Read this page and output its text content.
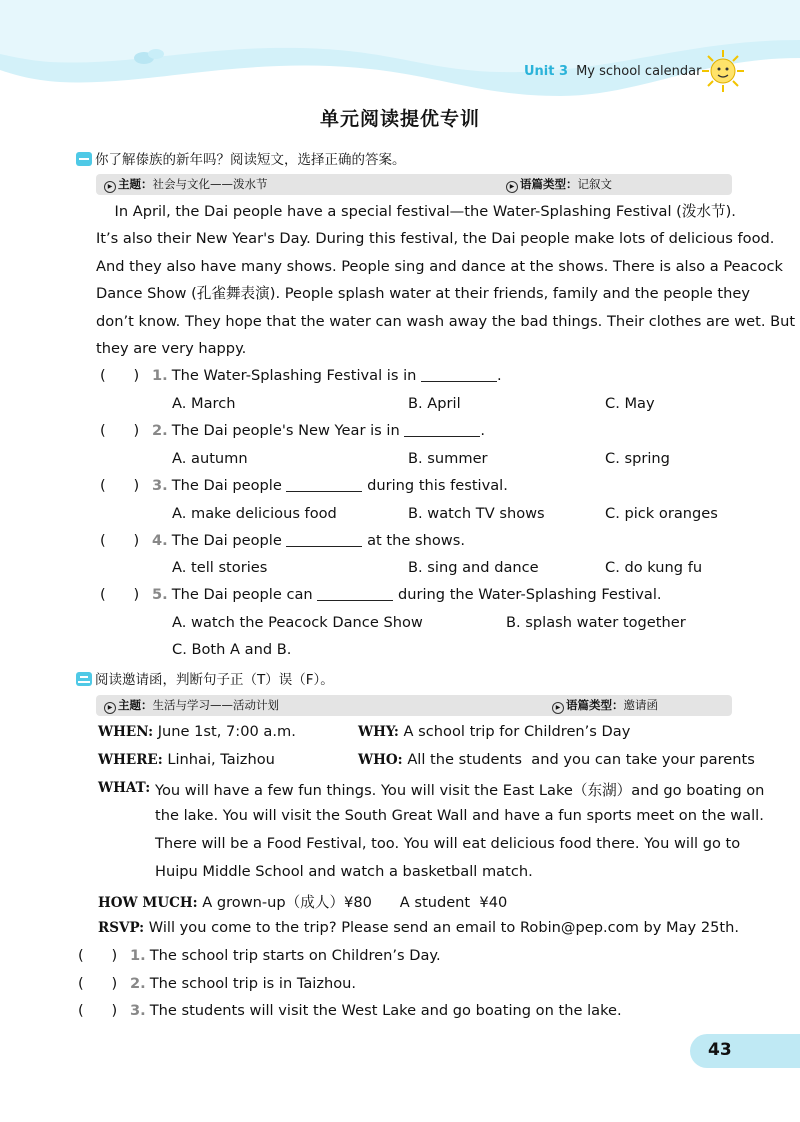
Unit 3 My school calendar
单元阅读提优专训
你了解傣族的新年吗？阅读短文，选择正确的答案。
▶ 主题：社会与文化——泼水节	▶ 语篇类型：记叙文
In April, the Dai people have a special festival—the Water-Splashing Festival (泼水节).
It’s also their New Year's Day. During this festival, the Dai people make lots of delicious food.
And they also have many shows. People sing and dance at the shows. There is also a Peacock
Dance Show (孔雀舞表演). People splash water at their friends, family and the people they
don’t know. They hope that the water can wash away the bad things. Their clothes are wet. But
they are very happy.
(      ) 1. The Water-Splashing Festival is in	.
A. March	B. April	C. May
(      ) 2. The Dai people's New Year is in	.
A. autumn	B. summer	C. spring
(      ) 3. The Dai people	during this festival.
A. make delicious food	B. watch TV shows	C. pick oranges
(      ) 4. The Dai people	at the shows.
A. tell stories	B. sing and dance	C. do kung fu
(      ) 5. The Dai people can	during the Water-Splashing Festival.
A. watch the Peacock Dance Show	B. splash water together
C. Both A and B.
阅读邀请函，判断句子正（T）误（F）。
▶ 主题：生活与学习——活动计划	▶ 语篇类型：邀请函
WHEN: June 1st, 7:00 a.m.	WHY: A school trip for Children’s Day
WHERE: Linhai, Taizhou	WHO: All the students  and you can take your parents
WHAT: You will have a few fun things. You will visit the East Lake（东湖）and go boating on
the lake. You will visit the South Great Wall and have a fun sports meet on the wall.
There will be a Food Festival, too. You will eat delicious food there. You will go to
Huipu Middle School and watch a basketball match.
HOW MUCH: A grown-up（成人）¥80      A student  ¥40
RSVP: Will you come to the trip? Please send an email to Robin@pep.com by May 25th.
(      ) 1. The school trip starts on Children’s Day.
(      ) 2. The school trip is in Taizhou.
(      ) 3. The students will visit the West Lake and go boating on the lake.
43
